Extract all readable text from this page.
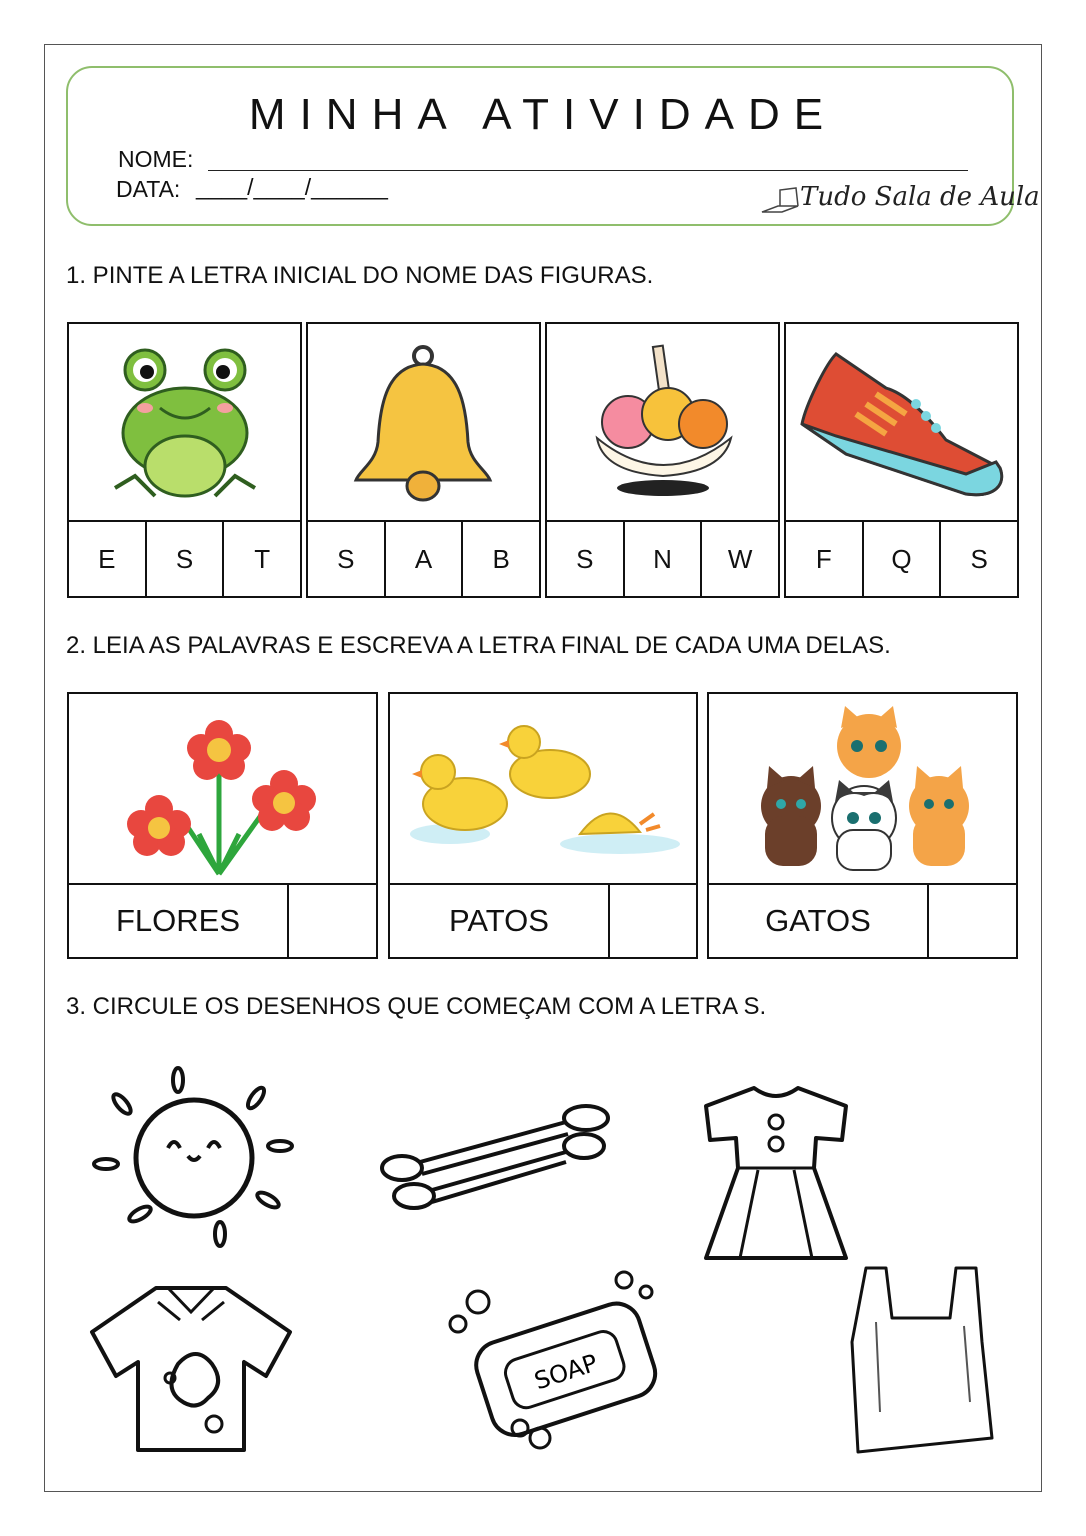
MINHA ATIVIDADE
NOME:
DATA: ____/____/______	Tudo Sala de Aula
1. PINTE A LETRA INICIAL DO NOME DAS FIGURAS.
E	S	T	S	A	B	S	N	W	F	Q	S
2. LEIA AS PALAVRAS E ESCREVA A LETRA FINAL DE CADA UMA DELAS.
FLORES	PATOS	GATOS
3. CIRCULE OS DESENHOS QUE COMEÇAM COM A LETRA S.
SOAP
